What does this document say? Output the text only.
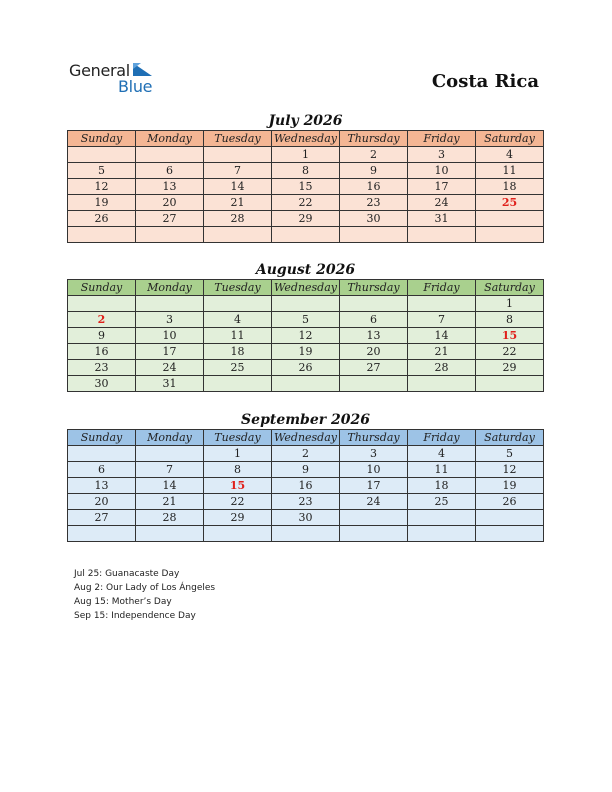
General
Blue	Costa Rica
July 2026
Sunday	Monday	Tuesday	Wednesday	Thursday	Friday	Saturday
			1	2	3	4
5	6	7	8	9	10	11
12	13	14	15	16	17	18
19	20	21	22	23	24	25
26	27	28	29	30	31	

August 2026
Sunday	Monday	Tuesday	Wednesday	Thursday	Friday	Saturday
						1
2	3	4	5	6	7	8
9	10	11	12	13	14	15
16	17	18	19	20	21	22
23	24	25	26	27	28	29
30	31					
September 2026
Sunday	Monday	Tuesday	Wednesday	Thursday	Friday	Saturday
		1	2	3	4	5
6	7	8	9	10	11	12
13	14	15	16	17	18	19
20	21	22	23	24	25	26
27	28	29	30			

Jul 25: Guanacaste Day
Aug 2: Our Lady of Los Ángeles
Aug 15: Mother’s Day
Sep 15: Independence Day
